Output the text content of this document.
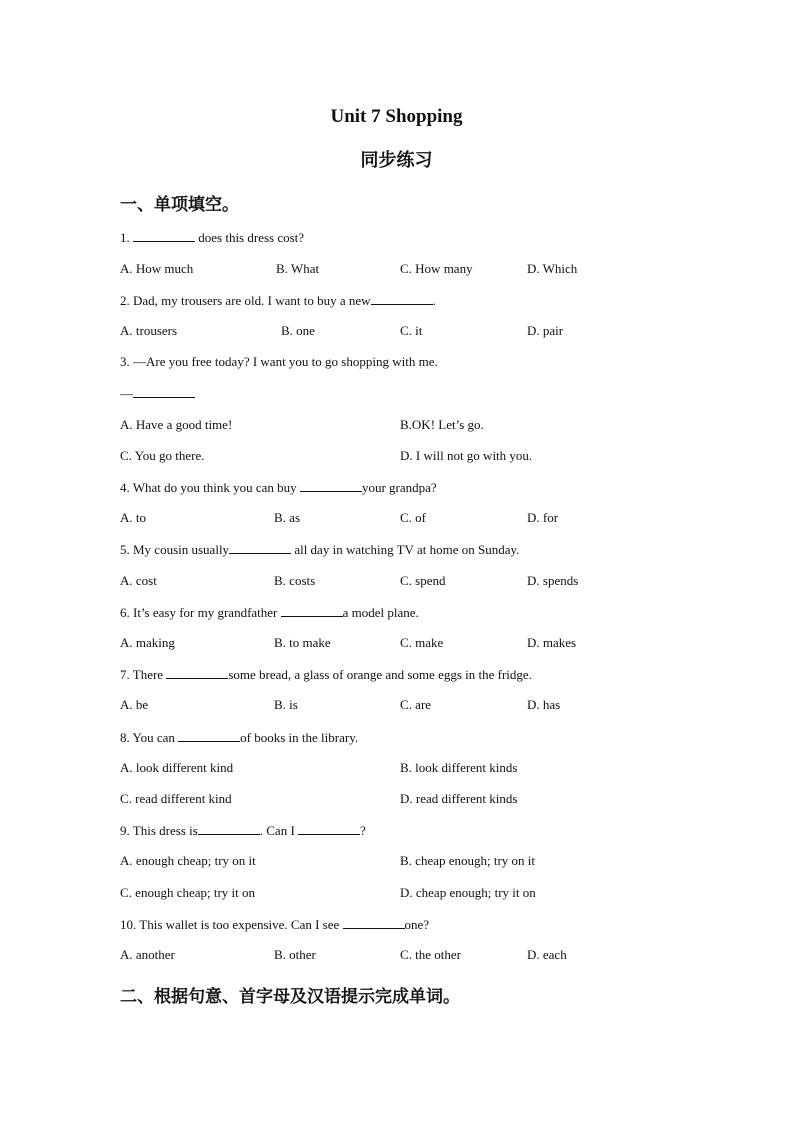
Unit 7 Shopping
同步练习
一、单项填空。
1.	does this dress cost?
A. How much	B. What	C. How many	D. Which
2. Dad, my trousers are old. I want to buy a new	.
A. trousers	B. one	C. it	D. pair
3. —Are you free today? I want you to go shopping with me.
—
A. Have a good time!	B.OK! Let’s go.
C. You go there.	D. I will not go with you.
4. What do you think you can buy	your grandpa?
A. to	B. as	C. of	D. for
5. My cousin usually	all day in watching TV at home on Sunday.
A. cost	B. costs	C. spend	D. spends
6. It’s easy for my grandfather	a model plane.
A. making	B. to make	C. make	D. makes
7. There	some bread, a glass of orange and some eggs in the fridge.
A. be	B. is	C. are	D. has
8. You can	of books in the library.
A. look different kind	B. look different kinds
C. read different kind	D. read different kinds
9. This dress is	. Can I	?
A. enough cheap; try on it	B. cheap enough; try on it
C. enough cheap; try it on	D. cheap enough; try it on
10. This wallet is too expensive. Can I see	one?
A. another	B. other	C. the other	D. each
二、根据句意、首字母及汉语提示完成单词。
